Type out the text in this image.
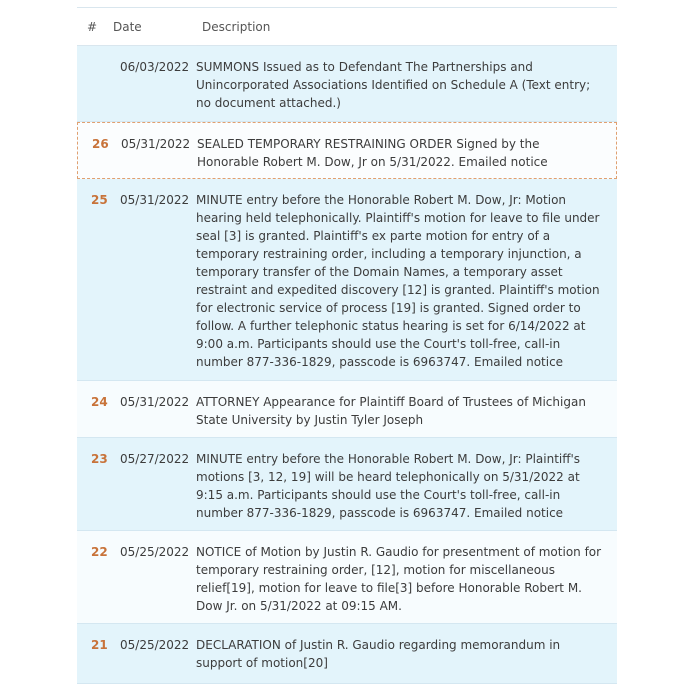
#	Date	Description
06/03/2022 SUMMONS Issued as to Defendant The Partnerships and Unincorporated Associations Identified on Schedule A (Text entry; no document attached.)
26	05/31/2022 SEALED TEMPORARY RESTRAINING ORDER Signed by the Honorable Robert M. Dow, Jr on 5/31/2022. Emailed notice
25	05/31/2022 MINUTE entry before the Honorable Robert M. Dow, Jr: Motion hearing held telephonically. Plaintiff's motion for leave to file under seal [3] is granted. Plaintiff's ex parte motion for entry of a temporary restraining order, including a temporary injunction, a temporary transfer of the Domain Names, a temporary asset restraint and expedited discovery [12] is granted. Plaintiff's motion for electronic service of process [19] is granted. Signed order to follow. A further telephonic status hearing is set for 6/14/2022 at 9:00 a.m. Participants should use the Court's toll-free, call-in number 877-336-1829, passcode is 6963747. Emailed notice
24	05/31/2022 ATTORNEY Appearance for Plaintiff Board of Trustees of Michigan State University by Justin Tyler Joseph
23	05/27/2022 MINUTE entry before the Honorable Robert M. Dow, Jr: Plaintiff's motions [3, 12, 19] will be heard telephonically on 5/31/2022 at 9:15 a.m. Participants should use the Court's toll-free, call-in number 877-336-1829, passcode is 6963747. Emailed notice
22	05/25/2022 NOTICE of Motion by Justin R. Gaudio for presentment of motion for temporary restraining order, [12], motion for miscellaneous relief[19], motion for leave to file[3] before Honorable Robert M. Dow Jr. on 5/31/2022 at 09:15 AM.
21	05/25/2022 DECLARATION of Justin R. Gaudio regarding memorandum in support of motion[20]
